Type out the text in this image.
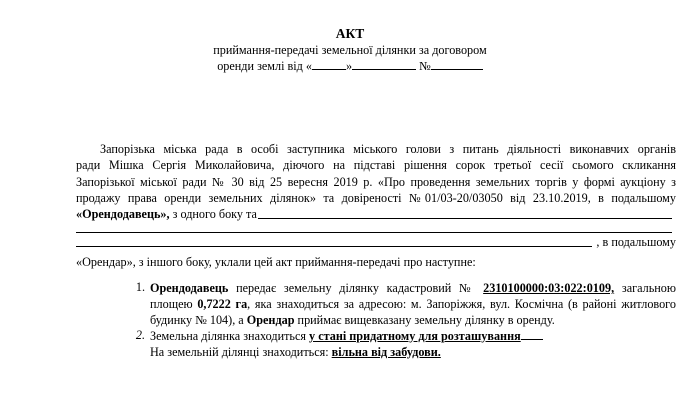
АКТ
приймання-передачі земельної ділянки за договором
оренди землі від «	»	№
Запорізька міська рада в особі заступника міського голови з питань діяльності виконавчих органів
ради Мішка Сергія Миколайовича, діючого на підставі рішення сорок третьої сесії сьомого скликання
Запорізької міської ради № 30 від 25 вересня 2019 р. «Про проведення земельних торгів у формі аукціону з
продажу права оренди земельних ділянок» та довіреності №01/03-20/03050 від 23.10.2019, в подальшому
«Орендодавець», з одного боку та
, в подальшому
«Орендар», з іншого боку, уклали цей акт приймання-передачі про наступне:
1. Орендодавець передає земельну ділянку кадастровий № 2310100000:03:022:0109, загальною
площею 0,7222 га, яка знаходиться за адресою: м. Запоріжжя, вул. Космічна (в районі житлового
будинку № 104), а Орендар приймає вищевказану земельну ділянку в оренду.
2. Земельна ділянка знаходиться у стані придатному для розташування
На земельній ділянці знаходиться: вільна від забудови.
